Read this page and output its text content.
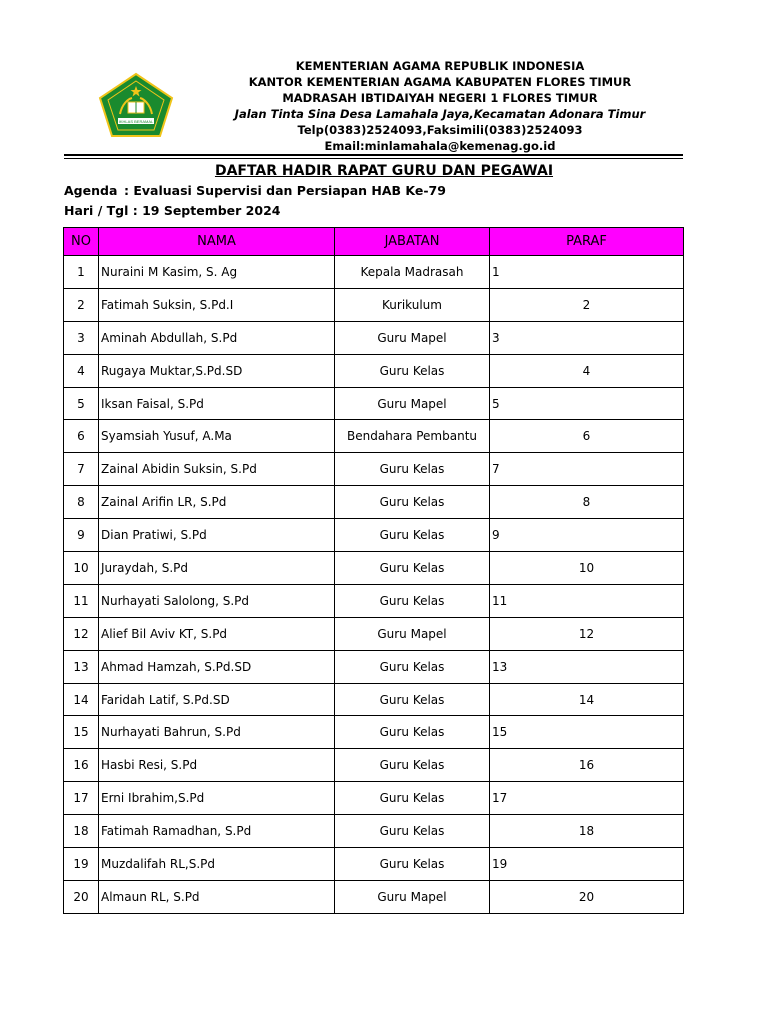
IKHLAS BERAMAL
KEMENTERIAN AGAMA REPUBLIK INDONESIA
KANTOR KEMENTERIAN AGAMA KABUPATEN FLORES TIMUR
MADRASAH IBTIDAIYAH NEGERI 1 FLORES TIMUR
Jalan Tinta Sina Desa Lamahala Jaya,Kecamatan Adonara Timur
Telp(0383)2524093,Faksimili(0383)2524093
Email:minlamahala@kemenag.go.id
DAFTAR HADIR RAPAT GURU DAN PEGAWAI
Agenda : Evaluasi Supervisi dan Persiapan HAB Ke-79
Hari / Tgl : 19 September 2024
NO	NAMA	JABATAN	PARAF
1	Nuraini M Kasim, S. Ag	Kepala Madrasah	1
2	Fatimah Suksin, S.Pd.I	Kurikulum	2
3	Aminah Abdullah, S.Pd	Guru Mapel	3
4	Rugaya Muktar,S.Pd.SD	Guru Kelas	4
5	Iksan Faisal, S.Pd	Guru Mapel	5
6	Syamsiah Yusuf, A.Ma	Bendahara Pembantu	6
7	Zainal Abidin Suksin, S.Pd	Guru Kelas	7
8	Zainal Arifin LR, S.Pd	Guru Kelas	8
9	Dian Pratiwi, S.Pd	Guru Kelas	9
10	Juraydah, S.Pd	Guru Kelas	10
11	Nurhayati Salolong, S.Pd	Guru Kelas	11
12	Alief Bil Aviv KT, S.Pd	Guru Mapel	12
13	Ahmad Hamzah, S.Pd.SD	Guru Kelas	13
14	Faridah Latif, S.Pd.SD	Guru Kelas	14
15	Nurhayati Bahrun, S.Pd	Guru Kelas	15
16	Hasbi Resi, S.Pd	Guru Kelas	16
17	Erni Ibrahim,S.Pd	Guru Kelas	17
18	Fatimah Ramadhan, S.Pd	Guru Kelas	18
19	Muzdalifah RL,S.Pd	Guru Kelas	19
20	Almaun RL, S.Pd	Guru Mapel	20
